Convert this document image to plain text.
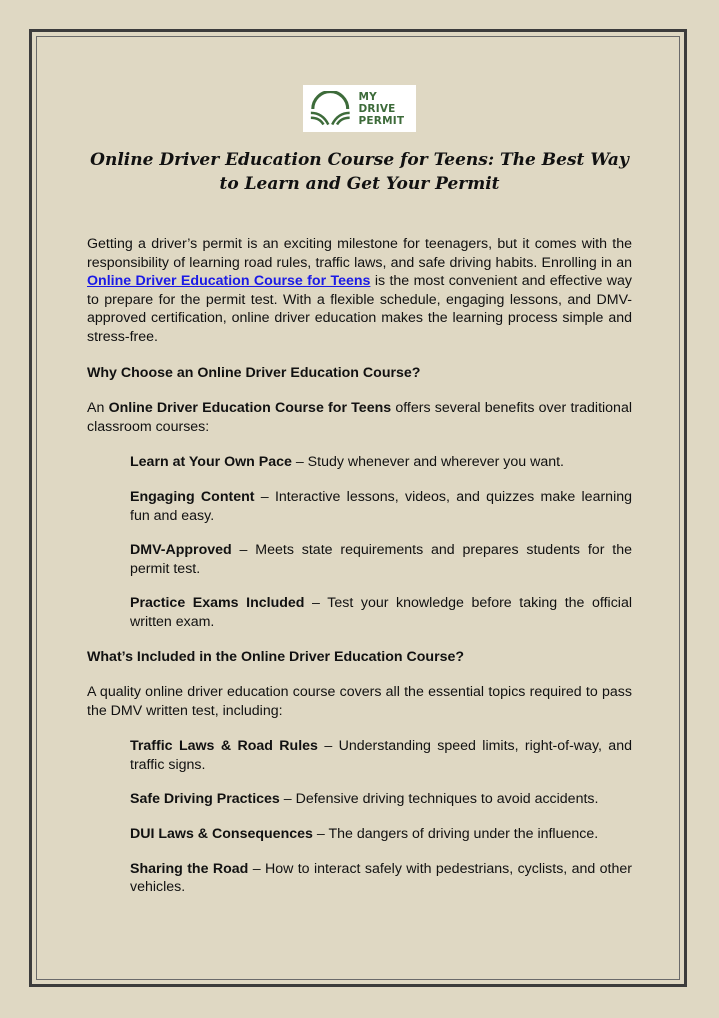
MY DRIVE
PERMIT
Online Driver Education Course for Teens: The Best Way to Learn and Get Your Permit

Getting a driver’s permit is an exciting milestone for teenagers, but it comes with the responsibility of learning road rules, traffic laws, and safe driving habits. Enrolling in an Online Driver Education Course for Teens is the most convenient and effective way to prepare for the permit test. With a flexible schedule, engaging lessons, and DMV-approved certification, online driver education makes the learning process simple and stress-free.

Why Choose an Online Driver Education Course?

An Online Driver Education Course for Teens offers several benefits over traditional classroom courses:

Learn at Your Own Pace – Study whenever and wherever you want.

Engaging Content – Interactive lessons, videos, and quizzes make learning fun and easy.

DMV-Approved – Meets state requirements and prepares students for the permit test.

Practice Exams Included – Test your knowledge before taking the official written exam.

What’s Included in the Online Driver Education Course?

A quality online driver education course covers all the essential topics required to pass the DMV written test, including:

Traffic Laws & Road Rules – Understanding speed limits, right-of-way, and traffic signs.

Safe Driving Practices – Defensive driving techniques to avoid accidents.

DUI Laws & Consequences – The dangers of driving under the influence.

Sharing the Road – How to interact safely with pedestrians, cyclists, and other vehicles.
